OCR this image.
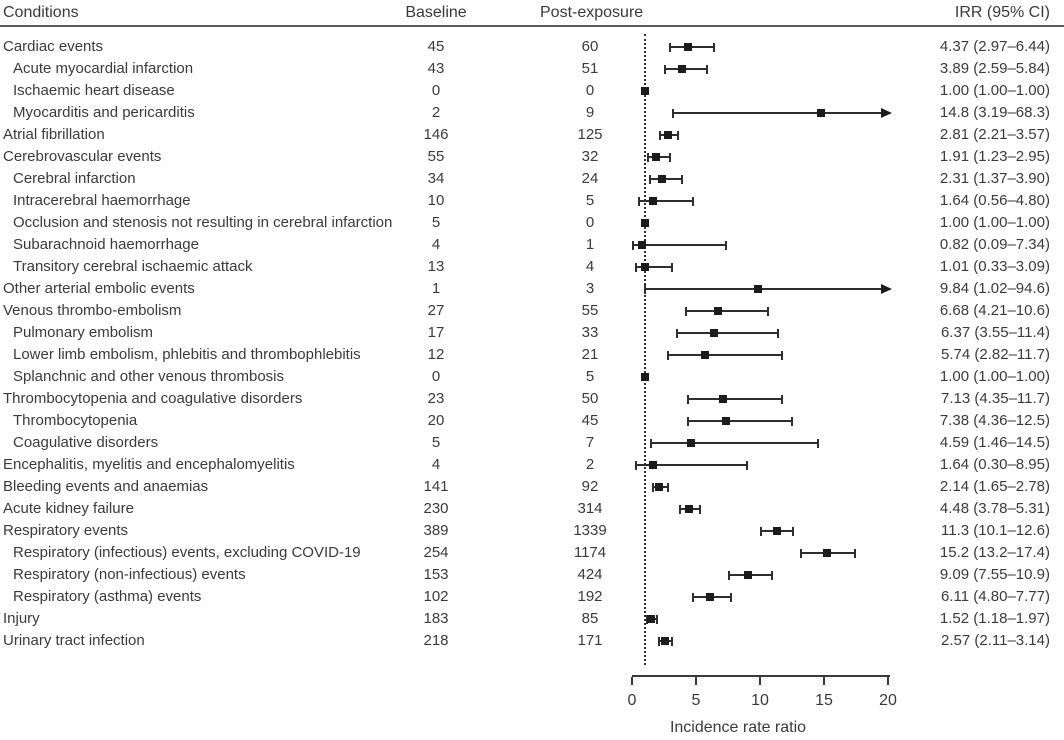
Conditions	Baseline	Post-exposure	IRR (95% CI)
Cardiac events	45	60	4.37 (2.97–6.44)
Acute myocardial infarction	43	51	3.89 (2.59–5.84)
Ischaemic heart disease	0	0	1.00 (1.00–1.00)
Myocarditis and pericarditis	2	9	14.8 (3.19–68.3)
Atrial fibrillation	146	125	2.81 (2.21–3.57)
Cerebrovascular events	55	32	1.91 (1.23–2.95)
Cerebral infarction	34	24	2.31 (1.37–3.90)
Intracerebral haemorrhage	10	5	1.64 (0.56–4.80)
Occlusion and stenosis not resulting in cerebral infarction	5	0	1.00 (1.00–1.00)
Subarachnoid haemorrhage	4	1	0.82 (0.09–7.34)
Transitory cerebral ischaemic attack	13	4	1.01 (0.33–3.09)
Other arterial embolic events	1	3	9.84 (1.02–94.6)
Venous thrombo-embolism	27	55	6.68 (4.21–10.6)
Pulmonary embolism	17	33	6.37 (3.55–11.4)
Lower limb embolism, phlebitis and thrombophlebitis	12	21	5.74 (2.82–11.7)
Splanchnic and other venous thrombosis	0	5	1.00 (1.00–1.00)
Thrombocytopenia and coagulative disorders	23	50	7.13 (4.35–11.7)
Thrombocytopenia	20	45	7.38 (4.36–12.5)
Coagulative disorders	5	7	4.59 (1.46–14.5)
Encephalitis, myelitis and encephalomyelitis	4	2	1.64 (0.30–8.95)
Bleeding events and anaemias	141	92	2.14 (1.65–2.78)
Acute kidney failure	230	314	4.48 (3.78–5.31)
Respiratory events	389	1339	11.3 (10.1–12.6)
Respiratory (infectious) events, excluding COVID-19	254	1174	15.2 (13.2–17.4)
Respiratory (non-infectious) events	153	424	9.09 (7.55–10.9)
Respiratory (asthma) events	102	192	6.11 (4.80–7.77)
Injury	183	85	1.52 (1.18–1.97)
Urinary tract infection	218	171	2.57 (2.11–3.14)
0	5	10	15	20
Incidence rate ratio
